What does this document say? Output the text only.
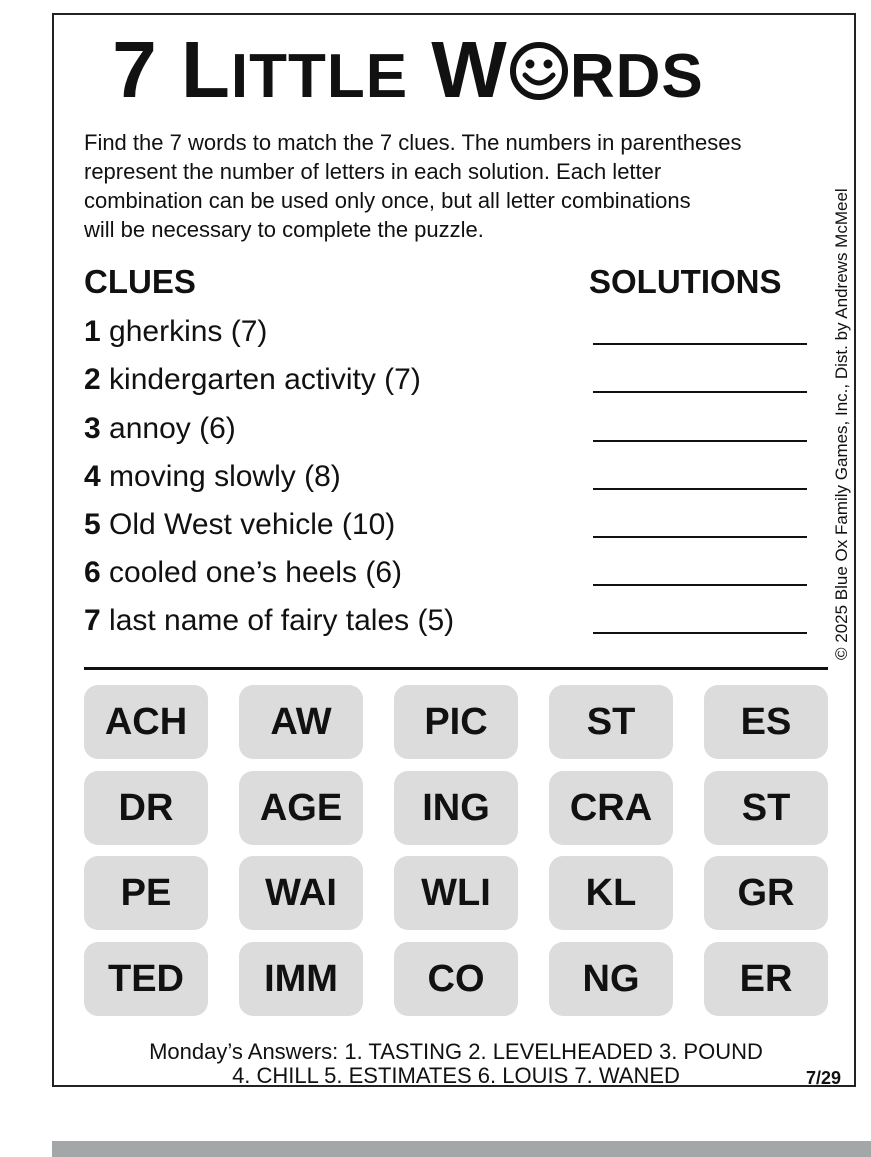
7 LITTLE W RDS
Find the 7 words to match the 7 clues. The numbers in parentheses
represent the number of letters in each solution. Each letter
combination can be used only once, but all letter combinations
will be necessary to complete the puzzle.
CLUES	SOLUTIONS
1 gherkins (7)
2 kindergarten activity (7)
3 annoy (6)
4 moving slowly (8)
5 Old West vehicle (10)
6 cooled one’s heels (6)
7 last name of fairy tales (5)
ACH	AW	PIC	ST	ES
DR	AGE	ING	CRA	ST
PE	WAI	WLI	KL	GR
TED	IMM	CO	NG	ER
Monday’s Answers: 1. TASTING 2. LEVELHEADED 3. POUND
4. CHILL 5. ESTIMATES 6. LOUIS 7. WANED	7/29
© 2025 Blue Ox Family Games, Inc., Dist. by Andrews McMeel
